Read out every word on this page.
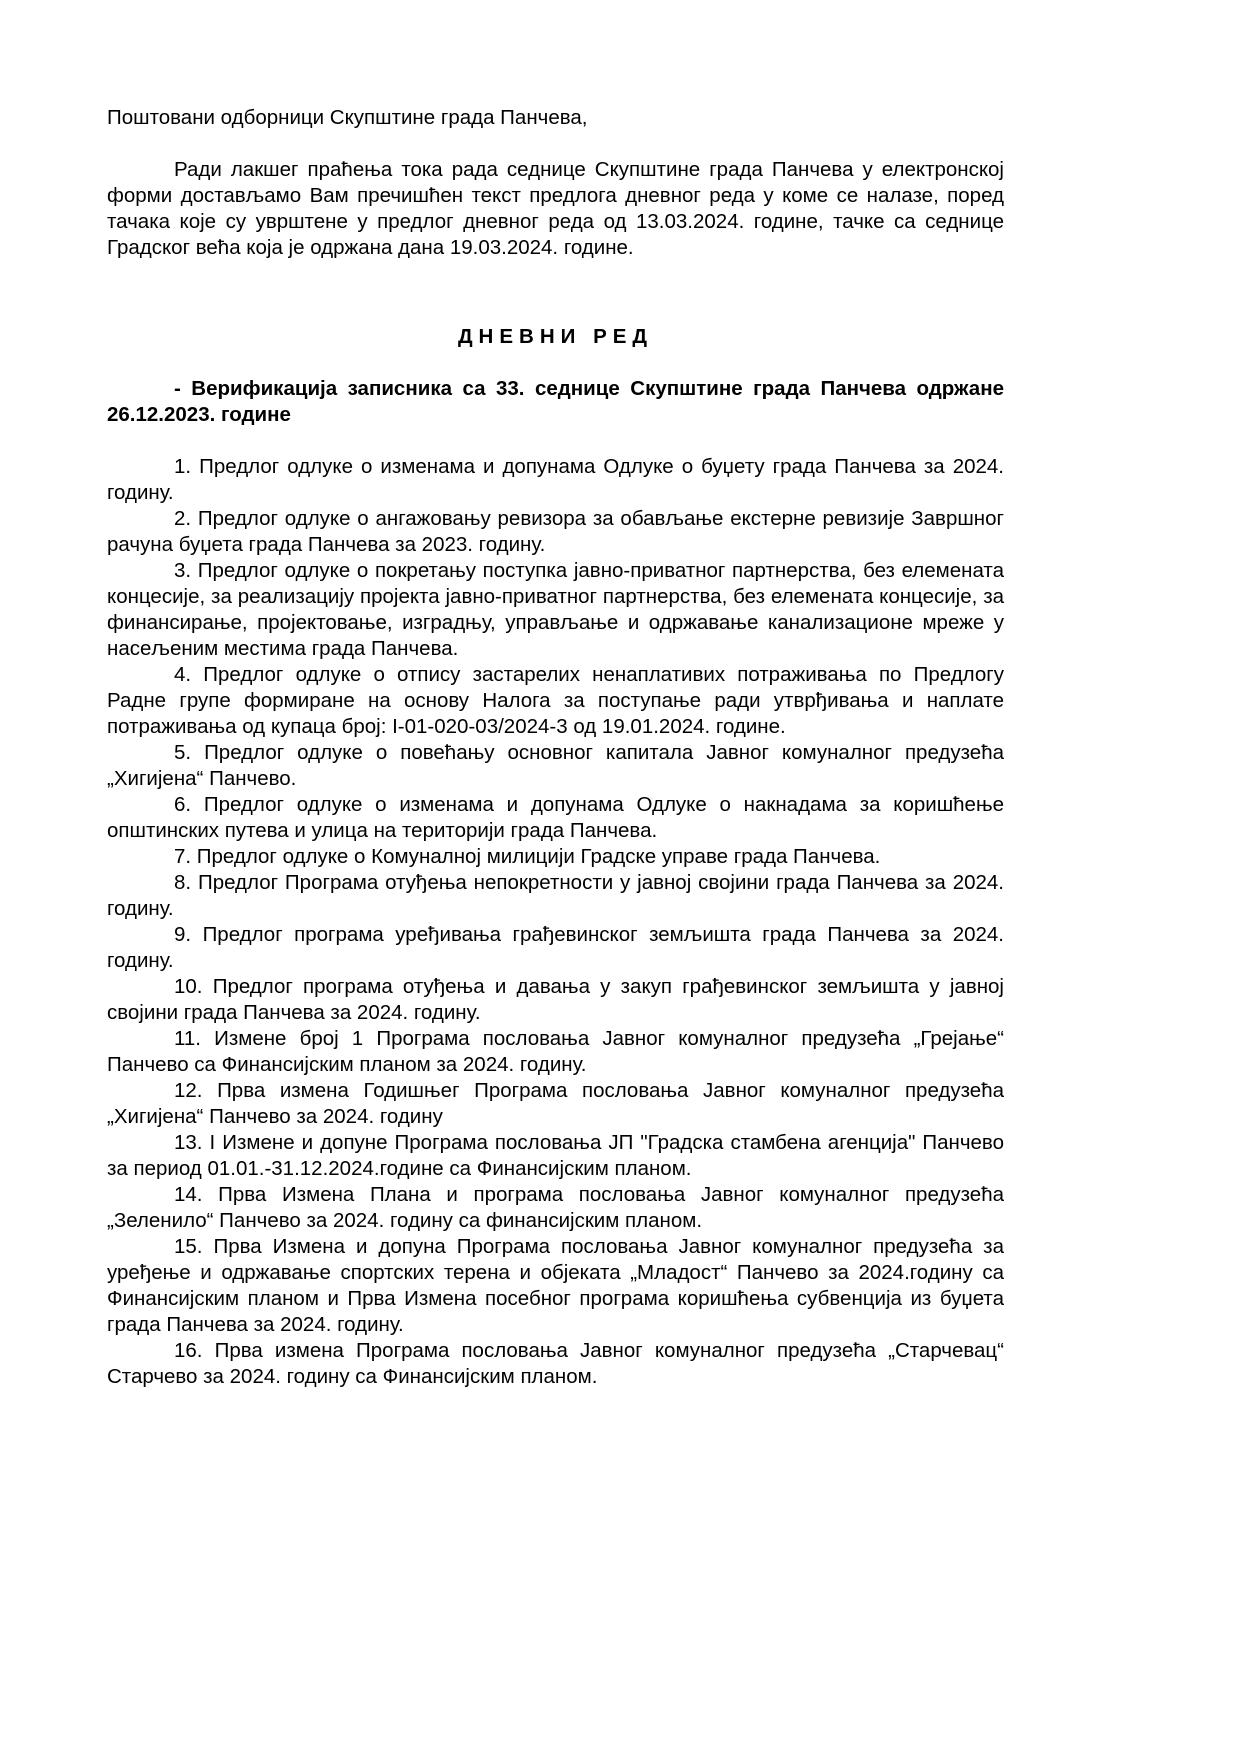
Поштовани одборници Скупштине града Панчева,

Ради лакшег праћења тока рада седнице Скупштине града Панчева у електронској форми достављамо Вам пречишћен текст предлога дневног реда у коме се налазе, поред тачака које су уврштене у предлог дневног реда од 13.03.2024. године, тачке са седнице Градског већа која је одржана дана 19.03.2024. године.

ДНЕВНИ РЕД

- Верификација записника са 33. седнице Скупштине града Панчева одржане 26.12.2023. године

1. Предлог одлуке о изменама и допунама Одлуке о буџету града Панчева за 2024. годину.
2. Предлог одлуке о ангажовању ревизора за обављање екстерне ревизије Завршног рачуна буџета града Панчева за 2023. годину.
3. Предлог одлуке о покретању поступка јавно-приватног партнерства, без елемената концесије, за реализацију пројекта јавно-приватног партнерства, без елемената концесије, за финансирање, пројектовање, изградњу, управљање и одржавање канализационе мреже у насељеним местима града Панчева.
4. Предлог одлуке о отпису застарелих ненаплативих потраживања по Предлогу Радне групе формиране на основу Налога за поступање ради утврђивања и наплате потраживања од купаца број: I-01-020-03/2024-3 од 19.01.2024. године.
5. Предлог одлуке о повећању основног капитала Јавног комуналног предузећа „Хигијена“ Панчево.
6. Предлог одлуке о изменама и допунама Одлуке о накнадама за коришћење општинских путева и улица на територији града Панчева.
7. Предлог одлуке о Комуналној милицији Градске управе града Панчева.
8. Предлог Програма отуђења непокретности у јавној својини града Панчева за 2024. годину.
9. Предлог програма уређивања грађевинског земљишта града Панчева за 2024. годину.
10. Предлог програма отуђења и давања у закуп грађевинског земљишта у јавној својини града Панчева за 2024. годину.
11. Измене број 1 Програма пословања Јавног комуналног предузећа „Грејање“ Панчево са Финансијским планом за 2024. годину.
12. Прва измена Годишњег Програма пословања Јавног комуналног предузећа „Хигијена“ Панчево за 2024. годину
13. I Измене и допуне Програма пословања ЈП "Градска стамбена агенција" Панчево за период 01.01.-31.12.2024.године са Финансијским планом.
14. Прва Измена Плана и програма пословања Јавног комуналног предузећа „Зеленило“ Панчево за 2024. годину са финансијским планом.
15. Прва Измена и допуна Програма пословања Јавног комуналног предузећа за уређење и одржавање спортских терена и објеката „Младост“ Панчево за 2024.годину са Финансијским планом и Прва Измена посебног програма коришћења субвенција из буџета града Панчева за 2024. годину.
16. Прва измена Програма пословања Јавног комуналног предузећа „Старчевац“ Старчево за 2024. годину са Финансијским планом.
